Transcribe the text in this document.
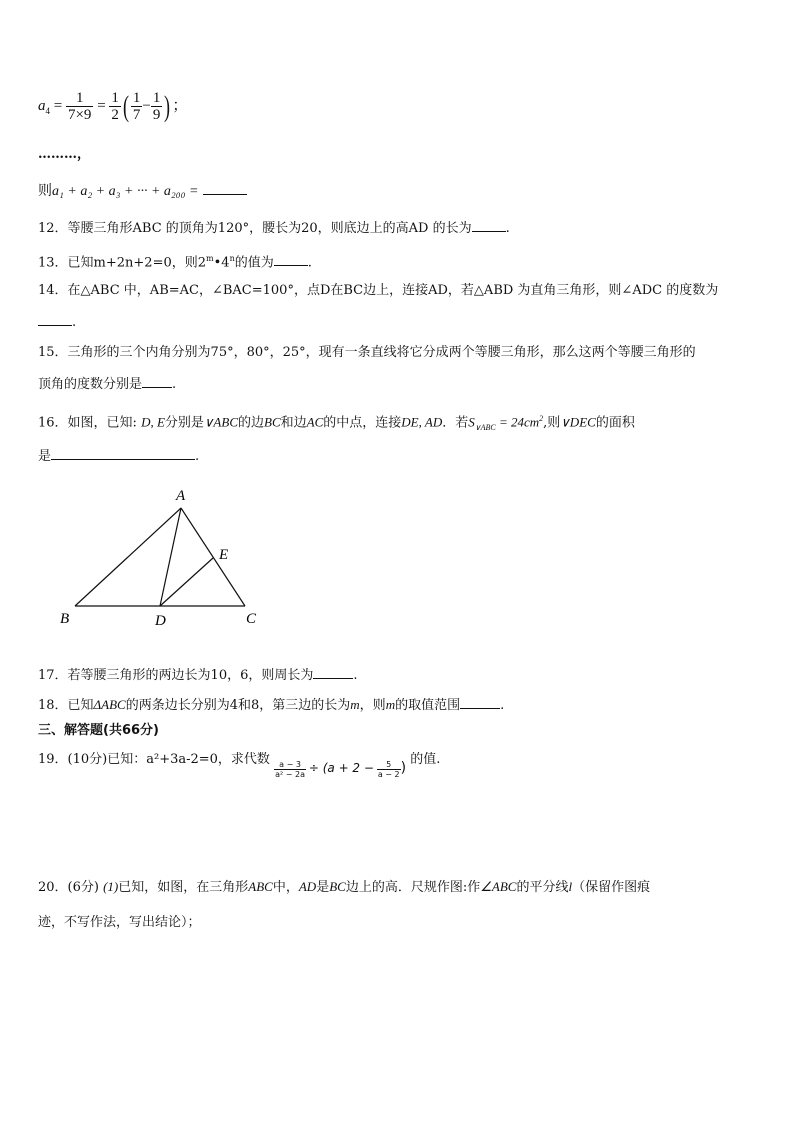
$a_4 = \frac{1}{7\times 9} = \frac{1}{2}$ ( $\frac{1}{7} - \frac{1}{9}$ ) ；
………，
则a₁ + a₂ + a₃ + ··· + a₂₀₀ =
12．等腰三角形ABC 的顶角为120°，腰长为20，则底边上的高AD 的长为	.
13．已知m+2n+2=0，则2$^m$•4$^n$的值为	.
14．在△ABC 中，AB=AC，∠BAC=100°，点D在BC边上，连接AD，若△ABD 为直角三角形，则∠ADC 的度数为
.
15．三角形的三个内角分别为75°，80°，25°，现有一条直线将它分成两个等腰三角形，那么这两个等腰三角形的
顶角的度数分别是 .
16．如图，已知: D, E分别是∨ABC的边BC和边AC的中点，连接DE, AD．若$S_{\vee ABC} = 24cm^2$,则∨DEC的面积
是	.
A
B	C
D
E
17．若等腰三角形的两边长为10，6，则周长为	.
18．已知ΔABC的两条边长分别为4和8，第三边的长为m，则m的取值范围	.
三、解答题(共66分)
19．(10分)已知：a²+3a-2=0，求代数
$\frac{a - 3}{\text{a² − 2a}} \div (a + 2 - \frac{5}{a - 2}$ ) 的值.
20．(6分) (1)已知，如图，在三角形ABC中，AD是BC边上的高．尺规作图:作∠ABC的平分线l（保留作图痕
迹，不写作法，写出结论）；
